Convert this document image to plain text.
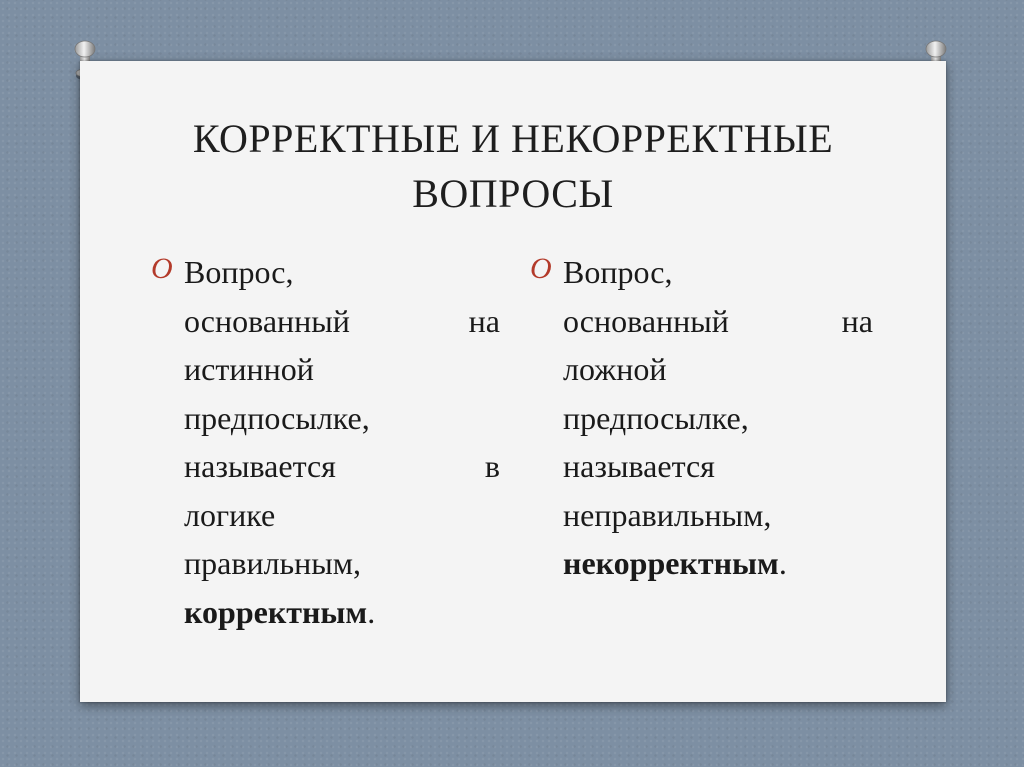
КОРРЕКТНЫЕ И НЕКОРРЕКТНЫЕ
ВОПРОСЫ
O Вопрос,
основанный	на
истинной
предпосылке,
называется	в
логике
правильным,
корректным.
O Вопрос,
основанный	на
ложной
предпосылке,
называется
неправильным,
некорректным.
